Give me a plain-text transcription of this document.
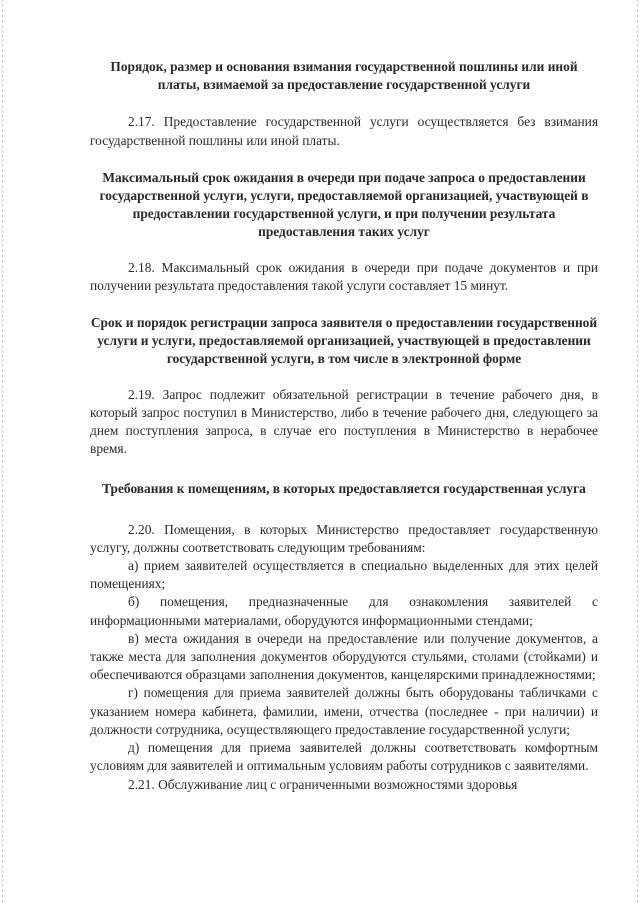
Порядок, размер и основания взимания государственной пошлины или иной платы, взимаемой за предоставление государственной услуги

2.17. Предоставление государственной услуги осуществляется без взимания государственной пошлины или иной платы.

Максимальный срок ожидания в очереди при подаче запроса о предоставлении государственной услуги, услуги, предоставляемой организацией, участвующей в предоставлении государственной услуги, и при получении результата предоставления таких услуг

2.18. Максимальный срок ожидания в очереди при подаче документов и при получении результата предоставления такой услуги составляет 15 минут.

Срок и порядок регистрации запроса заявителя о предоставлении государственной услуги и услуги, предоставляемой организацией, участвующей в предоставлении государственной услуги, в том числе в электронной форме

2.19. Запрос подлежит обязательной регистрации в течение рабочего дня, в который запрос поступил в Министерство, либо в течение рабочего дня, следующего за днем поступления запроса, в случае его поступления в Министерство в нерабочее время.

Требования к помещениям, в которых предоставляется государственная услуга

2.20. Помещения, в которых Министерство предоставляет государственную услугу, должны соответствовать следующим требованиям:

а) прием заявителей осуществляется в специально выделенных для этих целей помещениях;

б) помещения, предназначенные для ознакомления заявителей с информационными материалами, оборудуются информационными стендами;

в) места ожидания в очереди на предоставление или получение документов, а также места для заполнения документов оборудуются стульями, столами (стойками) и обеспечиваются образцами заполнения документов, канцелярскими принадлежностями;

г) помещения для приема заявителей должны быть оборудованы табличками с указанием номера кабинета, фамилии, имени, отчества (последнее - при наличии) и должности сотрудника, осуществляющего предоставление государственной услуги;

д) помещения для приема заявителей должны соответствовать комфортным условиям для заявителей и оптимальным условиям работы сотрудников с заявителями.

2.21. Обслуживание лиц с ограниченными возможностями здоровья
